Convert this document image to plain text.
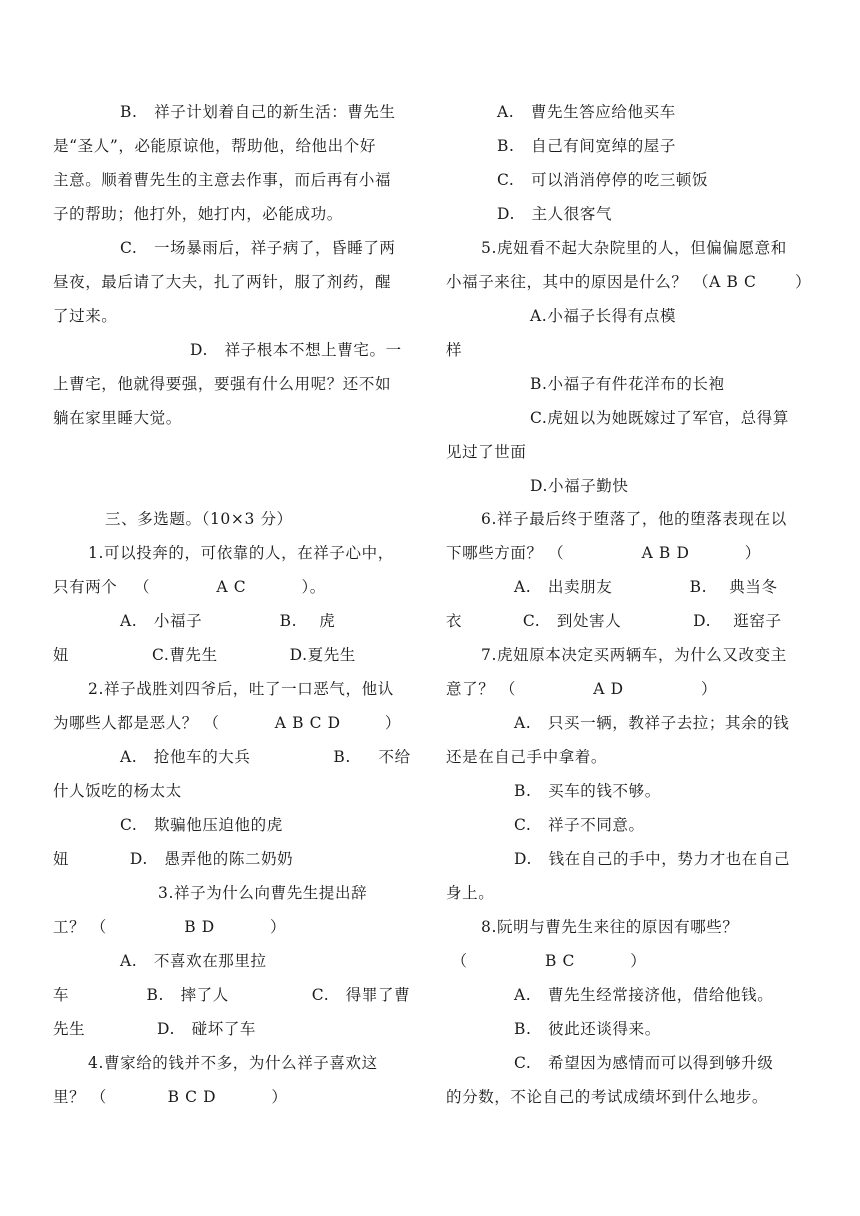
B.   祥子计划着自己的新生活：曹先生
是“圣人”，必能原谅他，帮助他，给他出个好
主意。顺着曹先生的主意去作事，而后再有小福
子的帮助；他打外，她打内，必能成功。
C.   一场暴雨后，祥子病了，昏睡了两
昼夜，最后请了大夫，扎了两针，服了剂药，醒
了过来。
D.   祥子根本不想上曹宅。一
上曹宅，他就得要强，要强有什么用呢？还不如
躺在家里睡大觉。
三、多选题。（10×3 分）
1.可以投奔的，可依靠的人，在祥子心中，
只有两个   （            A C          ）。
A.   小福子              B.    虎
妞               C.曹先生             D.夏先生
2.祥子战胜刘四爷后，吐了一口恶气，他认
为哪些人都是恶人？ （          A B C D        ）
A.   抢他车的大兵               B.     不给
什人饭吃的杨太太
C.   欺骗他压迫他的虎
妞           D.   愚弄他的陈二奶奶
3.祥子为什么向曹先生提出辞
工？ （              B D          ）
A.   不喜欢在那里拉
车              B.   摔了人               C.   得罪了曹
先生             D.   碰坏了车
4.曹家给的钱并不多，为什么祥子喜欢这
里？ （           B C D          ）
A.   曹先生答应给他买车
B.   自己有间宽绰的屋子
C.   可以消消停停的吃三顿饭
D.   主人很客气
5.虎妞看不起大杂院里的人，但偏偏愿意和
小福子来往，其中的原因是什么？ （A B C       ）
A.小福子长得有点模
样
B.小福子有件花洋布的长袍
C.虎妞以为她既嫁过了军官，总得算
见过了世面
D.小福子勤快
6.祥子最后终于堕落了，他的堕落表现在以
下哪些方面？ （              A B D          ）
A.   出卖朋友              B.    典当冬
衣           C.   到处害人             D.    逛窑子
7.虎妞原本决定买两辆车，为什么又改变主
意了？ （              A D              ）
A.   只买一辆，教祥子去拉；其余的钱
还是在自己手中拿着。
B.   买车的钱不够。
C.   祥子不同意。
D.   钱在自己的手中，势力才也在自己
身上。
8.阮明与曹先生来往的原因有哪些？
（              B C          ）
A.   曹先生经常接济他，借给他钱。
B.   彼此还谈得来。
C.   希望因为感情而可以得到够升级
的分数，不论自己的考试成绩坏到什么地步。
